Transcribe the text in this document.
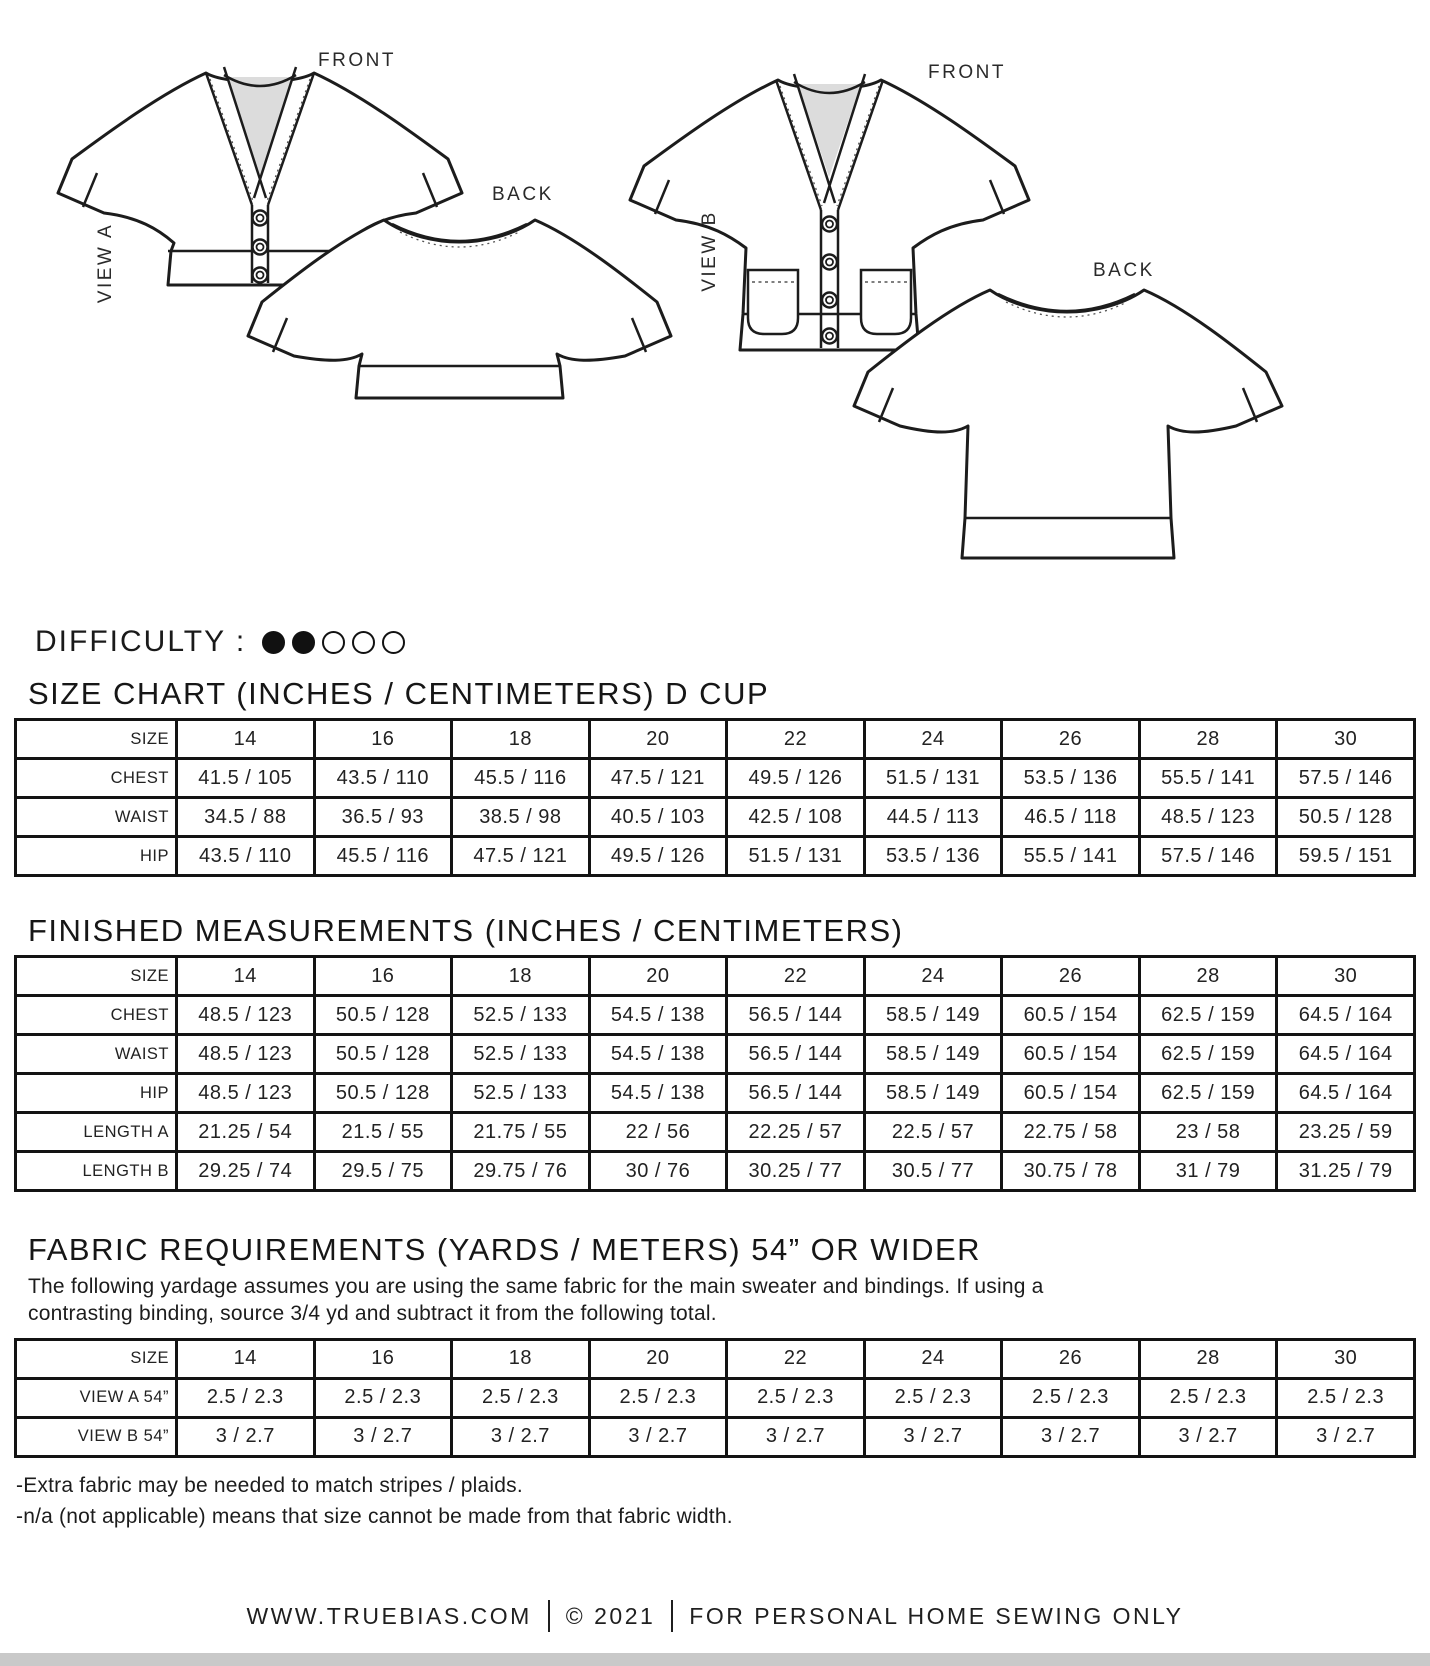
FRONT
VIEW A
BACK
FRONT
VIEW B	BACK
DIFFICULTY :
SIZE CHART (INCHES / CENTIMETERS) D CUP
SIZE	14	16	18	20	22	24	26	28	30
CHEST	41.5 / 105	43.5 / 110	45.5 / 116	47.5 / 121	49.5 / 126	51.5 / 131	53.5 / 136	55.5 / 141	57.5 / 146
WAIST	34.5 / 88	36.5 / 93	38.5 / 98	40.5 / 103	42.5 / 108	44.5 / 113	46.5 / 118	48.5 / 123	50.5 / 128
HIP	43.5 / 110	45.5 / 116	47.5 / 121	49.5 / 126	51.5 / 131	53.5 / 136	55.5 / 141	57.5 / 146	59.5 / 151
FINISHED MEASUREMENTS (INCHES / CENTIMETERS)
SIZE	14	16	18	20	22	24	26	28	30
CHEST	48.5 / 123	50.5 / 128	52.5 / 133	54.5 / 138	56.5 / 144	58.5 / 149	60.5 / 154	62.5 / 159	64.5 / 164
WAIST	48.5 / 123	50.5 / 128	52.5 / 133	54.5 / 138	56.5 / 144	58.5 / 149	60.5 / 154	62.5 / 159	64.5 / 164
HIP	48.5 / 123	50.5 / 128	52.5 / 133	54.5 / 138	56.5 / 144	58.5 / 149	60.5 / 154	62.5 / 159	64.5 / 164
LENGTH A	21.25 / 54	21.5 / 55	21.75 / 55	22 / 56	22.25 / 57	22.5 / 57	22.75 / 58	23 / 58	23.25 / 59
LENGTH B	29.25 / 74	29.5 / 75	29.75 / 76	30 / 76	30.25 / 77	30.5 / 77	30.75 / 78	31 / 79	31.25 / 79
FABRIC REQUIREMENTS (YARDS / METERS) 54” OR WIDER
The following yardage assumes you are using the same fabric for the main sweater and bindings. If using a
contrasting binding, source 3/4 yd and subtract it from the following total.
SIZE	14	16	18	20	22	24	26	28	30
VIEW A 54”	2.5 / 2.3	2.5 / 2.3	2.5 / 2.3	2.5 / 2.3	2.5 / 2.3	2.5 / 2.3	2.5 / 2.3	2.5 / 2.3	2.5 / 2.3
VIEW B 54”	3 / 2.7	3 / 2.7	3 / 2.7	3 / 2.7	3 / 2.7	3 / 2.7	3 / 2.7	3 / 2.7	3 / 2.7
-Extra fabric may be needed to match stripes / plaids.
-n/a (not applicable) means that size cannot be made from that fabric width.
WWW.TRUEBIAS.COM © 2021 FOR PERSONAL HOME SEWING ONLY
